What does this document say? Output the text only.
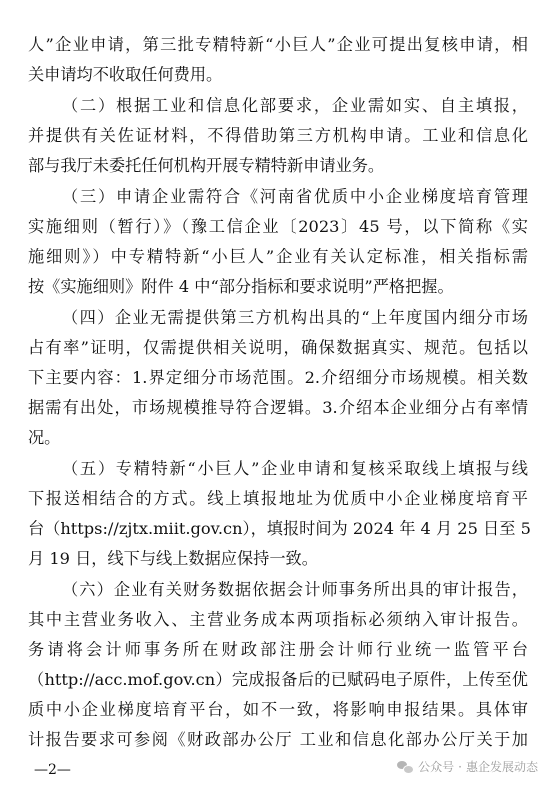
人”企业申请，第三批专精特新“小巨人”企业可提出复核申请，相
关申请均不收取任何费用。
（二）根据工业和信息化部要求，企业需如实、自主填报，
并提供有关佐证材料，不得借助第三方机构申请。工业和信息化
部与我厅未委托任何机构开展专精特新申请业务。
（三）申请企业需符合《河南省优质中小企业梯度培育管理
实施细则（暂行）》（豫工信企业〔2023〕45 号，以下简称《实
施细则》）中专精特新“小巨人”企业有关认定标准，相关指标需
按《实施细则》附件 4 中“部分指标和要求说明”严格把握。
（四）企业无需提供第三方机构出具的“上年度国内细分市场
占有率”证明，仅需提供相关说明，确保数据真实、规范。包括以
下主要内容：1.界定细分市场范围。2.介绍细分市场规模。相关数
据需有出处，市场规模推导符合逻辑。3.介绍本企业细分占有率情
况。
（五）专精特新“小巨人”企业申请和复核采取线上填报与线
下报送相结合的方式。线上填报地址为优质中小企业梯度培育平
台（https://zjtx.miit.gov.cn），填报时间为 2024 年 4 月 25 日至 5
月 19 日，线下与线上数据应保持一致。
（六）企业有关财务数据依据会计师事务所出具的审计报告，
其中主营业务收入、主营业务成本两项指标必须纳入审计报告。
务请将会计师事务所在财政部注册会计师行业统一监管平台
（http://acc.mof.gov.cn）完成报备后的已赋码电子原件，上传至优
质中小企业梯度培育平台，如不一致，将影响申报结果。具体审
计报告要求可参阅《财政部办公厅 工业和信息化部办公厅关于加
—2—	公众号 · 惠企发展动态
